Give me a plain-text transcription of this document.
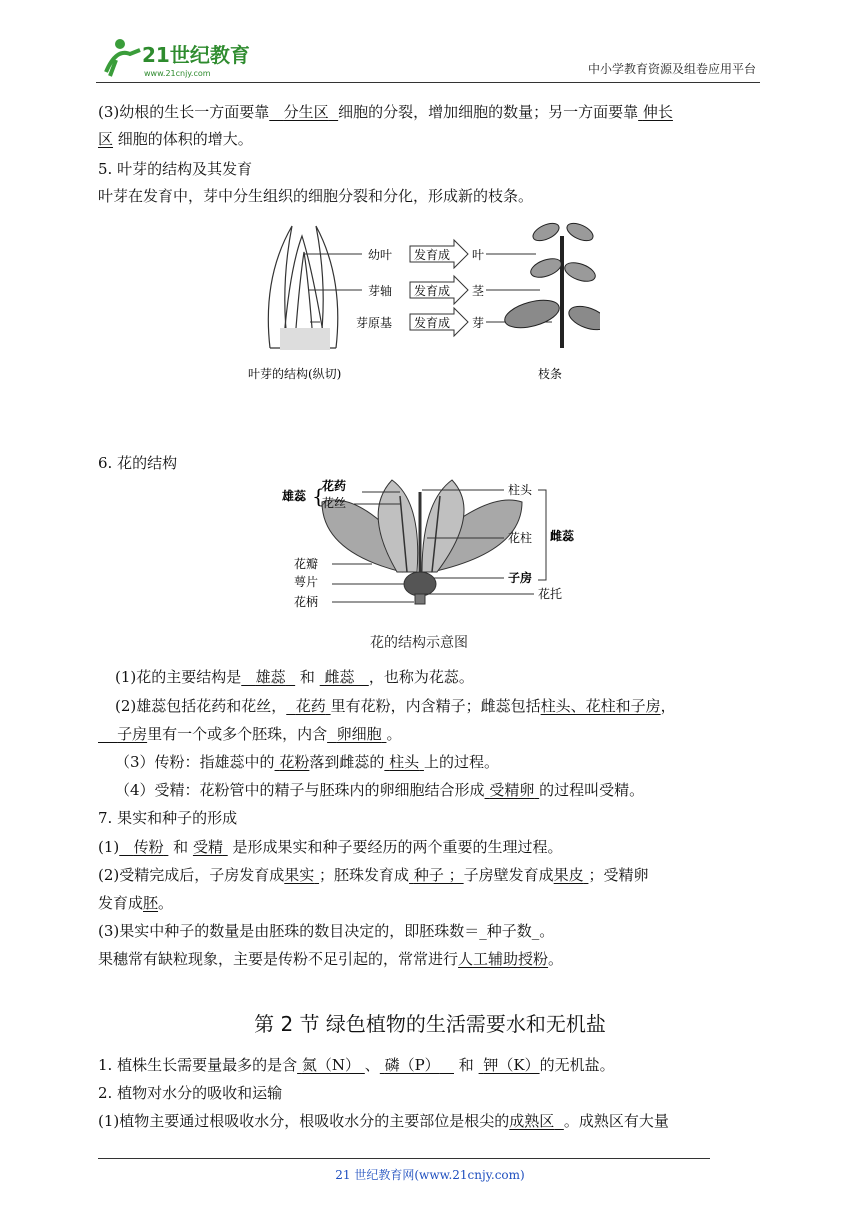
21世纪教育
www.21cnjy.com	中小学教育资源及组卷应用平台
(3)幼根的生长一方面要靠 分生区 细胞的分裂，增加细胞的数量；另一方面要靠 伸长
区 细胞的体积的增大。
5. 叶芽的结构及其发育
叶芽在发育中，芽中分生组织的细胞分裂和分化，形成新的枝条。
幼叶
芽轴
芽原基
发育成
发育成
发育成
叶
茎
芽
叶芽的结构(纵切)	枝条
6. 花的结构
雄蕊 {
花药
花丝
花瓣
萼片
花柄
柱头
花柱
子房
雌蕊
花托
花的结构示意图
(1)花的主要结构是 雄蕊 和 雌蕊 ，也称为花蕊。
(2)雄蕊包括花药和花丝， 花药 里有花粉，内含精子；雌蕊包括柱头、花柱和子房，
子房里有一个或多个胚珠，内含 卵细胞 。
（3）传粉：指雄蕊中的 花粉落到雌蕊的 柱头 上的过程。
（4）受精：花粉管中的精子与胚珠内的卵细胞结合形成 受精卵 的过程叫受精。
7. 果实和种子的形成
(1) 传粉 和 受精 是形成果实和种子要经历的两个重要的生理过程。
(2)受精完成后，子房发育成果实 ；胚珠发育成 种子 ；子房壁发育成果皮 ；受精卵
发育成胚。
(3)果实中种子的数量是由胚珠的数目决定的，即胚珠数＝_种子数_。
果穗常有缺粒现象，主要是传粉不足引起的，常常进行人工辅助授粉。
第 2 节 绿色植物的生活需要水和无机盐
1. 植株生长需要量最多的是含 氮（N） 、 磷（P） 和 钾（K）的无机盐。
2. 植物对水分的吸收和运输
(1)植物主要通过根吸收水分，根吸收水分的主要部位是根尖的成熟区 。成熟区有大量
21 世纪教育网(www.21cnjy.com)
